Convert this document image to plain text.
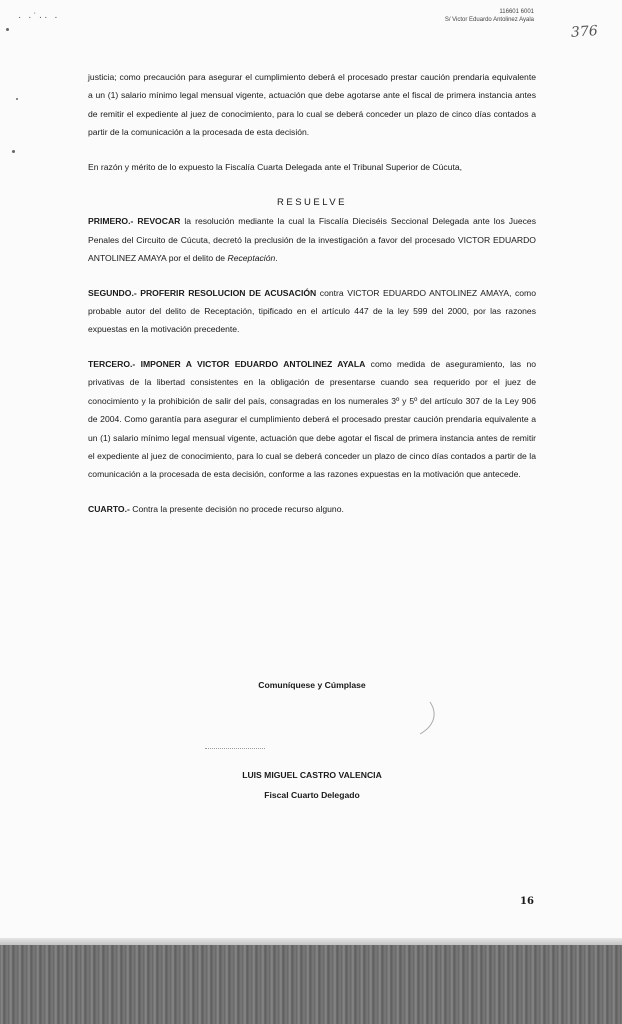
· ·˙·· ·	116601 6001
S/ Victor Eduardo Antolinez Ayala
376

justicia; como precaución para asegurar el cumplimiento deberá el procesado prestar caución prendaria equivalente a un (1) salario mínimo legal mensual vigente, actuación que debe agotarse ante el fiscal de primera instancia antes de remitir el expediente al juez de conocimiento, para lo cual se deberá conceder un plazo de cinco días contados a partir de la comunicación a la procesada de esta decisión.

En razón y mérito de lo expuesto la Fiscalía Cuarta Delegada ante el Tribunal Superior de Cúcuta,

RESUELVE

PRIMERO.- REVOCAR la resolución mediante la cual la Fiscalía Dieciséis Seccional Delegada ante los Jueces Penales del Circuito de Cúcuta, decretó la preclusión de la investigación a favor del procesado VICTOR EDUARDO ANTOLINEZ AMAYA por el delito de Receptación.

SEGUNDO.- PROFERIR RESOLUCION DE ACUSACIÓN contra VICTOR EDUARDO ANTOLINEZ AMAYA, como probable autor del delito de Receptación, tipificado en el artículo 447 de la ley 599 del 2000, por las razones expuestas en la motivación precedente.

TERCERO.- IMPONER A VICTOR EDUARDO ANTOLINEZ AYALA como medida de aseguramiento, las no privativas de la libertad consistentes en la obligación de presentarse cuando sea requerido por el juez de conocimiento y la prohibición de salir del país, consagradas en los numerales 3º y 5º del artículo 307 de la Ley 906 de 2004. Como garantía para asegurar el cumplimiento deberá el procesado prestar caución prendaria equivalente a un (1) salario mínimo legal mensual vigente, actuación que debe agotar el fiscal de primera instancia antes de remitir el expediente al juez de conocimiento, para lo cual se deberá conceder un plazo de cinco días contados a partir de la comunicación a la procesada de esta decisión, conforme a las razones expuestas en la motivación que antecede.

CUARTO.- Contra la presente decisión no procede recurso alguno.

Comuníquese y Cúmplase
LUIS MIGUEL CASTRO VALENCIA
Fiscal Cuarto Delegado
16
